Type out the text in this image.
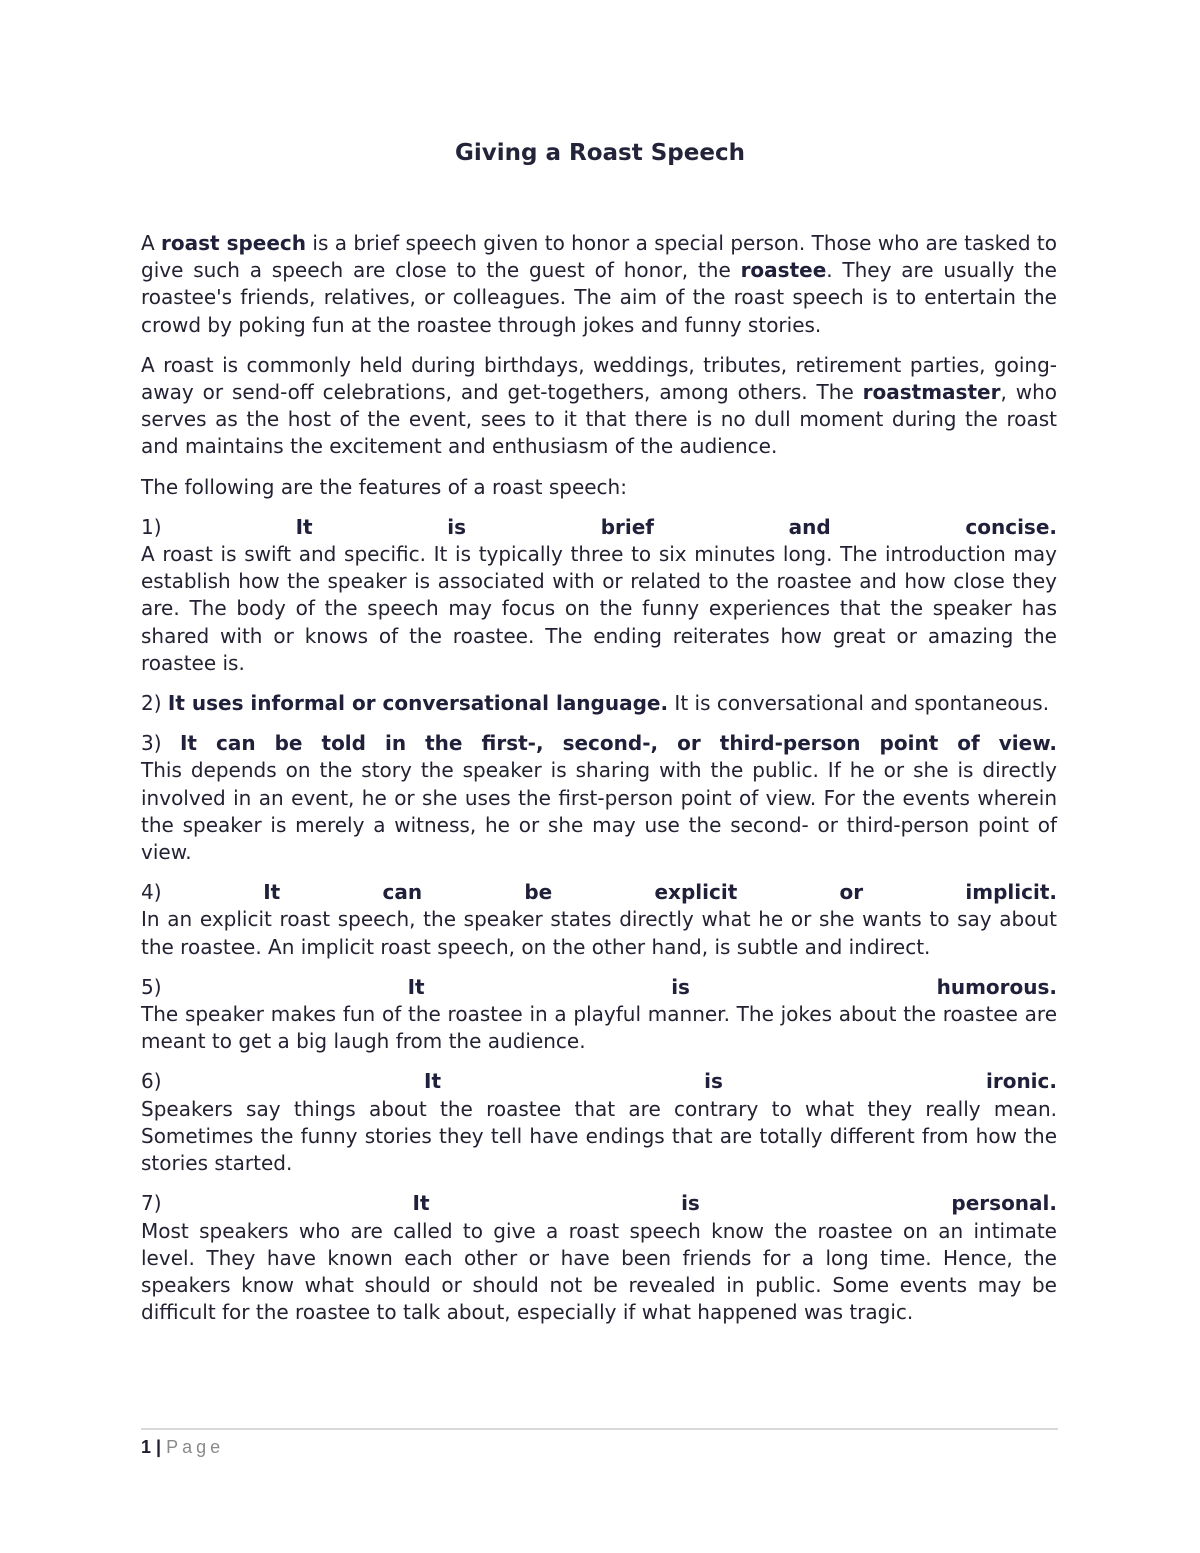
Giving a Roast Speech

A roast speech is a brief speech given to honor a special person. Those who are tasked to give such a speech are close to the guest of honor, the roastee. They are usually the roastee's friends, relatives, or colleagues. The aim of the roast speech is to entertain the crowd by poking fun at the roastee through jokes and funny stories.

A roast is commonly held during birthdays, weddings, tributes, retirement parties, going-away or send-off celebrations, and get-togethers, among others. The roastmaster, who serves as the host of the event, sees to it that there is no dull moment during the roast and maintains the excitement and enthusiasm of the audience.

The following are the features of a roast speech:

1) It is brief and concise.
A roast is swift and specific. It is typically three to six minutes long. The introduction may establish how the speaker is associated with or related to the roastee and how close they are. The body of the speech may focus on the funny experiences that the speaker has shared with or knows of the roastee. The ending reiterates how great or amazing the roastee is.

2) It uses informal or conversational language. It is conversational and spontaneous.

3) It can be told in the first-, second-, or third-person point of view.
This depends on the story the speaker is sharing with the public. If he or she is directly involved in an event, he or she uses the first-person point of view. For the events wherein the speaker is merely a witness, he or she may use the second- or third-person point of view.

4) It can be explicit or implicit.
In an explicit roast speech, the speaker states directly what he or she wants to say about the roastee. An implicit roast speech, on the other hand, is subtle and indirect.

5) It is humorous.
The speaker makes fun of the roastee in a playful manner. The jokes about the roastee are meant to get a big laugh from the audience.

6) It is ironic.
Speakers say things about the roastee that are contrary to what they really mean. Sometimes the funny stories they tell have endings that are totally different from how the stories started.

7) It is personal.
Most speakers who are called to give a roast speech know the roastee on an intimate level. They have known each other or have been friends for a long time. Hence, the speakers know what should or should not be revealed in public. Some events may be difficult for the roastee to talk about, especially if what happened was tragic.

1 | Page
